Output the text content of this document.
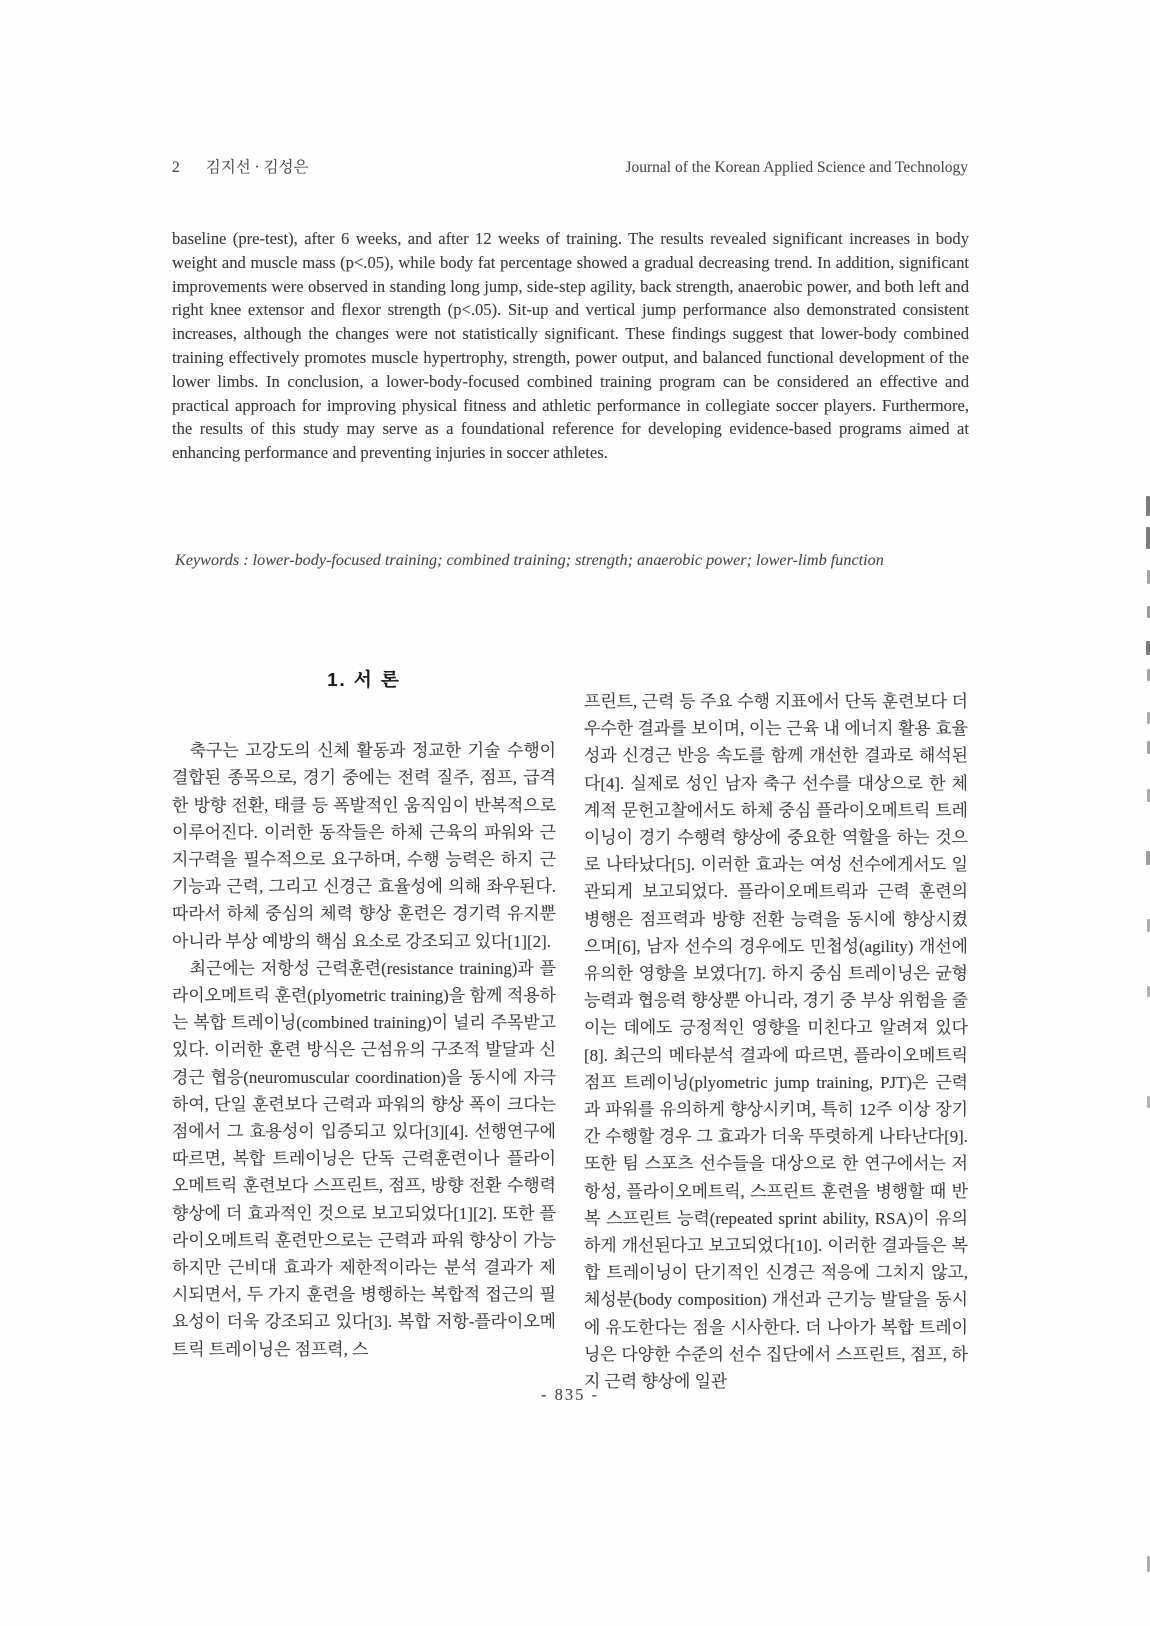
2 김지선 · 김성은	Journal of the Korean Applied Science and Technology
baseline (pre-test), after 6 weeks, and after 12 weeks of training. The results revealed significant increases in body weight and muscle mass (p<.05), while body fat percentage showed a gradual decreasing trend. In addition, significant improvements were observed in standing long jump, side-step agility, back strength, anaerobic power, and both left and right knee extensor and flexor strength (p<.05). Sit-up and vertical jump performance also demonstrated consistent increases, although the changes were not statistically significant. These findings suggest that lower-body combined training effectively promotes muscle hypertrophy, strength, power output, and balanced functional development of the lower limbs. In conclusion, a lower-body-focused combined training program can be considered an effective and practical approach for improving physical fitness and athletic performance in collegiate soccer players. Furthermore, the results of this study may serve as a foundational reference for developing evidence-based programs aimed at enhancing performance and preventing injuries in soccer athletes.
Keywords : lower-body-focused training; combined training; strength; anaerobic power; lower-limb function
1. 서 론

축구는 고강도의 신체 활동과 정교한 기술 수행이 결합된 종목으로, 경기 중에는 전력 질주, 점프, 급격한 방향 전환, 태클 등 폭발적인 움직임이 반복적으로 이루어진다. 이러한 동작들은 하체 근육의 파워와 근지구력을 필수적으로 요구하며, 수행 능력은 하지 근기능과 근력, 그리고 신경근 효율성에 의해 좌우된다. 따라서 하체 중심의 체력 향상 훈련은 경기력 유지뿐 아니라 부상 예방의 핵심 요소로 강조되고 있다[1][2].

최근에는 저항성 근력훈련(resistance training)과 플라이오메트릭 훈련(plyometric training)을 함께 적용하는 복합 트레이닝(combined training)이 널리 주목받고 있다. 이러한 훈련 방식은 근섬유의 구조적 발달과 신경근 협응(neuromuscular coordination)을 동시에 자극하여, 단일 훈련보다 근력과 파워의 향상 폭이 크다는 점에서 그 효용성이 입증되고 있다[3][4]. 선행연구에 따르면, 복합 트레이닝은 단독 근력훈련이나 플라이오메트릭 훈련보다 스프린트, 점프, 방향 전환 수행력 향상에 더 효과적인 것으로 보고되었다[1][2]. 또한 플라이오메트릭 훈련만으로는 근력과 파워 향상이 가능하지만 근비대 효과가 제한적이라는 분석 결과가 제시되면서, 두 가지 훈련을 병행하는 복합적 접근의 필요성이 더욱 강조되고 있다[3]. 복합 저항-플라이오메트릭 트레이닝은 점프력, 스

프린트, 근력 등 주요 수행 지표에서 단독 훈련보다 더 우수한 결과를 보이며, 이는 근육 내 에너지 활용 효율성과 신경근 반응 속도를 함께 개선한 결과로 해석된다[4]. 실제로 성인 남자 축구 선수를 대상으로 한 체계적 문헌고찰에서도 하체 중심 플라이오메트릭 트레이닝이 경기 수행력 향상에 중요한 역할을 하는 것으로 나타났다[5]. 이러한 효과는 여성 선수에게서도 일관되게 보고되었다. 플라이오메트릭과 근력 훈련의 병행은 점프력과 방향 전환 능력을 동시에 향상시켰으며[6], 남자 선수의 경우에도 민첩성(agility) 개선에 유의한 영향을 보였다[7]. 하지 중심 트레이닝은 균형 능력과 협응력 향상뿐 아니라, 경기 중 부상 위험을 줄이는 데에도 긍정적인 영향을 미친다고 알려져 있다[8]. 최근의 메타분석 결과에 따르면, 플라이오메트릭 점프 트레이닝(plyometric jump training, PJT)은 근력과 파워를 유의하게 향상시키며, 특히 12주 이상 장기간 수행할 경우 그 효과가 더욱 뚜렷하게 나타난다[9]. 또한 팀 스포츠 선수들을 대상으로 한 연구에서는 저항성, 플라이오메트릭, 스프린트 훈련을 병행할 때 반복 스프린트 능력(repeated sprint ability, RSA)이 유의하게 개선된다고 보고되었다[10]. 이러한 결과들은 복합 트레이닝이 단기적인 신경근 적응에 그치지 않고, 체성분(body composition) 개선과 근기능 발달을 동시에 유도한다는 점을 시사한다. 더 나아가 복합 트레이닝은 다양한 수준의 선수 집단에서 스프린트, 점프, 하지 근력 향상에 일관

- 835 -
